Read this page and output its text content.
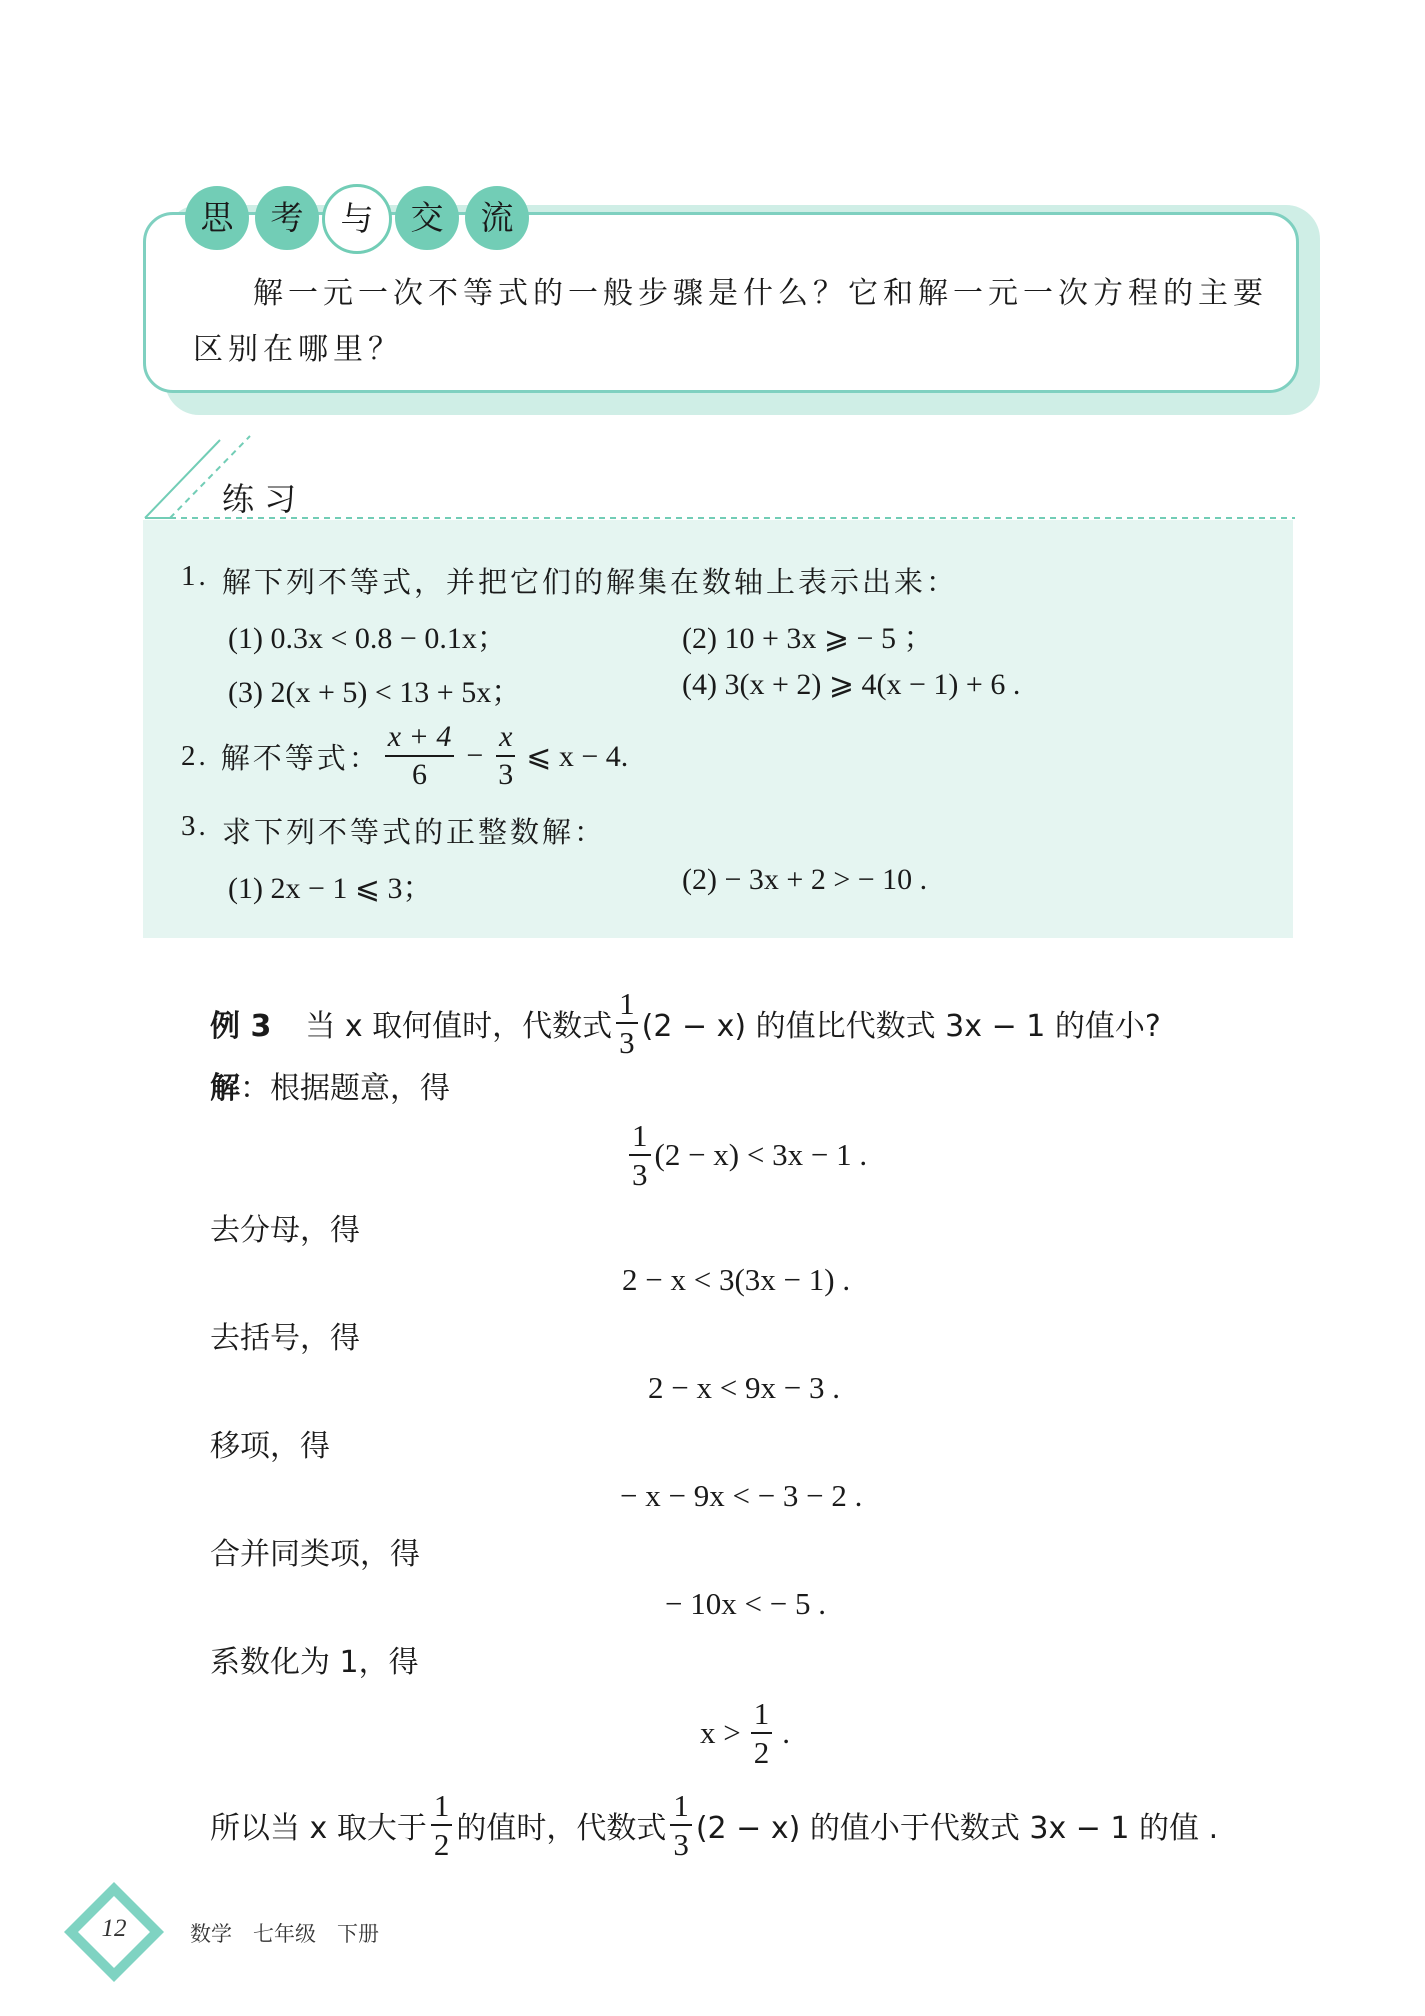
思	考	与	交	流
解一元一次不等式的一般步骤是什么？它和解一元一次方程的主要
区别在哪里？
练 习
1. 解下列不等式，并把它们的解集在数轴上表示出来：
(1) 0.3x < 0.8 − 0.1x；	(2) 10 + 3x ⩾ − 5 ；
(3) 2(x + 5) < 13 + 5x；	(4) 3(x + 2) ⩾ 4(x − 1) + 6 .
2. 解不等式： $\frac{x + 4}{6} - \frac{x}{3}$ ⩽ x − 4.
3. 求下列不等式的正整数解：
(1) 2x − 1 ⩽ 3；	(2) − 3x + 2 > − 10 .
例 3 当 x 取何值时，代数式 $\frac{1}{3} (2 - x)$ 的值比代数式 3x − 1 的值小?
解：根据题意，得
$\frac{1}{3} (2 - x) < 3x - 1$ .
去分母，得
2 − x < 3(3x − 1) .
去括号，得
2 − x < 9x − 3 .
移项，得
− x − 9x < − 3 − 2 .
合并同类项，得
− 10x < − 5 .
系数化为 1，得
$x > \frac{1}{2}$ .
所以当 x 取大于 $\frac{1}{2}$ 的值时，代数式 $\frac{1}{3} (2 - x)$ 的值小于代数式 3x − 1 的值 .
12	数学　七年级　下册
